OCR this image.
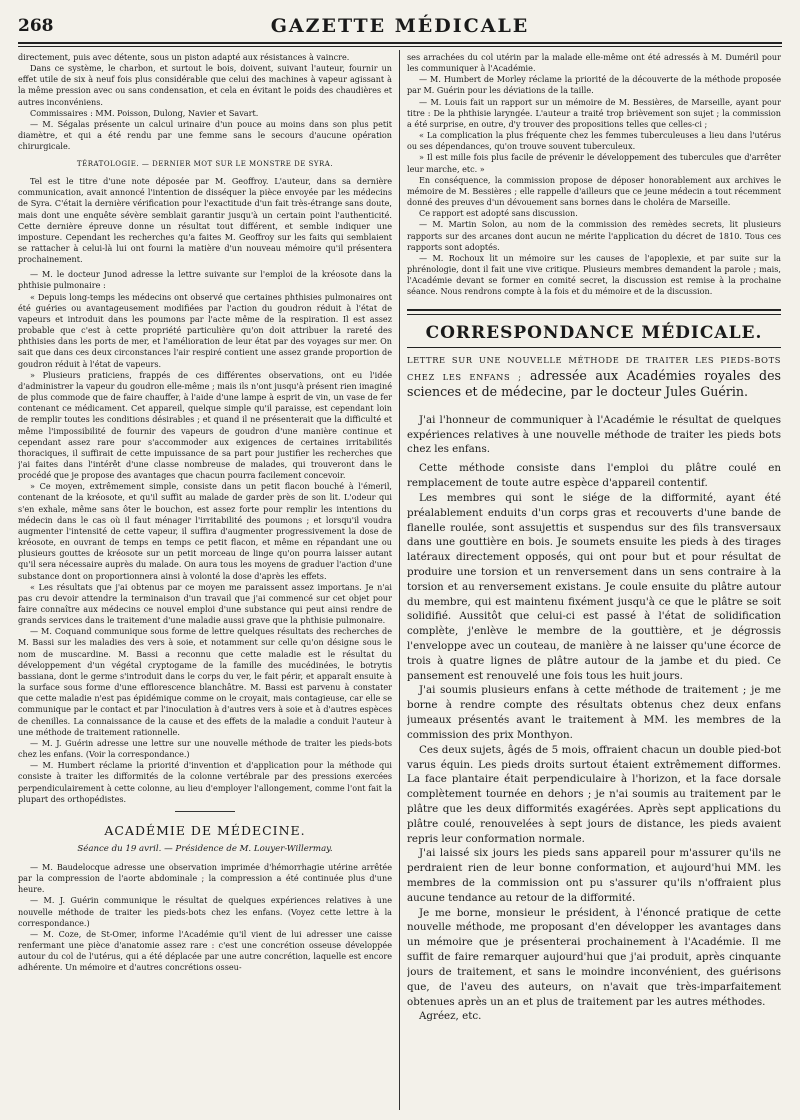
268	GAZETTE MÉDICALE

directement, puis avec détente, sous un piston adapté aux résistances à vaincre.

Dans ce système, le charbon, et surtout le bois, doivent, suivant l'auteur, fournir un effet utile de six à neuf fois plus considérable que celui des machines à vapeur agissant à la même pression avec ou sans condensation, et cela en évitant le poids des chaudières et autres inconvéniens.

Commissaires : MM. Poisson, Dulong, Navier et Savart.

— M. Ségalas présente un calcul urinaire d'un pouce au moins dans son plus petit diamètre, et qui a été rendu par une femme sans le secours d'aucune opération chirurgicale.

TÉRATOLOGIE. — DERNIER MOT SUR LE MONSTRE DE SYRA.

Tel est le titre d'une note déposée par M. Geoffroy. L'auteur, dans sa dernière communication, avait annoncé l'intention de disséquer la pièce envoyée par les médecins de Syra. C'était la dernière vérification pour l'exactitude d'un fait très-étrange sans doute, mais dont une enquête sévère semblait garantir jusqu'à un certain point l'authenticité. Cette dernière épreuve donne un résultat tout différent, et semble indiquer une imposture. Cependant les recherches qu'a faites M. Geoffroy sur les faits qui semblaient se rattacher à celui-là lui ont fourni la matière d'un nouveau mémoire qu'il présentera prochainement.

— M. le docteur Junod adresse la lettre suivante sur l'emploi de la kréosote dans la phthisie pulmonaire :

« Depuis long-temps les médecins ont observé que certaines phthisies pulmonaires ont été guéries ou avantageusement modifiées par l'action du goudron réduit à l'état de vapeurs et introduit dans les poumons par l'acte même de la respiration. Il est assez probable que c'est à cette propriété particulière qu'on doit attribuer la rareté des phthisies dans les ports de mer, et l'amélioration de leur état par des voyages sur mer. On sait que dans ces deux circonstances l'air respiré contient une assez grande proportion de goudron réduit à l'état de vapeurs.

» Plusieurs praticiens, frappés de ces différentes observations, ont eu l'idée d'administrer la vapeur du goudron elle-même ; mais ils n'ont jusqu'à présent rien imaginé de plus commode que de faire chauffer, à l'aide d'une lampe à esprit de vin, un vase de fer contenant ce médicament. Cet appareil, quelque simple qu'il paraisse, est cependant loin de remplir toutes les conditions désirables ; et quand il ne présenterait que la difficulté et même l'impossibilité de fournir des vapeurs de goudron d'une manière continue et cependant assez rare pour s'accommoder aux exigences de certaines irritabilités thoraciques, il suffirait de cette impuissance de sa part pour justifier les recherches que j'ai faites dans l'intérêt d'une classe nombreuse de malades, qui trouveront dans le procédé que je propose des avantages que chacun pourra facilement concevoir.

» Ce moyen, extrêmement simple, consiste dans un petit flacon bouché à l'émeril, contenant de la kréosote, et qu'il suffit au malade de garder près de son lit. L'odeur qui s'en exhale, même sans ôter le bouchon, est assez forte pour remplir les intentions du médecin dans le cas où il faut ménager l'irritabilité des poumons ; et lorsqu'il voudra augmenter l'intensité de cette vapeur, il suffira d'augmenter progressivement la dose de kréosote, en ouvrant de temps en temps ce petit flacon, et même en répandant une ou plusieurs gouttes de kréosote sur un petit morceau de linge qu'on pourra laisser autant qu'il sera nécessaire auprès du malade. On aura tous les moyens de graduer l'action d'une substance dont on proportionnera ainsi à volonté la dose d'après les effets.

« Les résultats que j'ai obtenus par ce moyen me paraissent assez importans. Je n'ai pas cru devoir attendre la terminaison d'un travail que j'ai commencé sur cet objet pour faire connaître aux médecins ce nouvel emploi d'une substance qui peut ainsi rendre de grands services dans le traitement d'une maladie aussi grave que la phthisie pulmonaire.

— M. Coquand communique sous forme de lettre quelques résultats des recherches de M. Bassi sur les maladies des vers à soie, et notamment sur celle qu'on désigne sous le nom de muscardine. M. Bassi a reconnu que cette maladie est le résultat du développement d'un végétal cryptogame de la famille des mucédinées, le botrytis bassiana, dont le germe s'introduit dans le corps du ver, le fait périr, et apparaît ensuite à la surface sous forme d'une efflorescence blanchâtre. M. Bassi est parvenu à constater que cette maladie n'est pas épidémique comme on le croyait, mais contagieuse, car elle se communique par le contact et par l'inoculation à d'autres vers à soie et à d'autres espèces de chenilles. La connaissance de la cause et des effets de la maladie a conduit l'auteur à une méthode de traitement rationnelle.

— M. J. Guérin adresse une lettre sur une nouvelle méthode de traiter les pieds-bots chez les enfans. (Voir la correspondance.)

— M. Humbert réclame la priorité d'invention et d'application pour la méthode qui consiste à traiter les difformités de la colonne vertébrale par des pressions exercées perpendiculairement à cette colonne, au lieu d'employer l'allongement, comme l'ont fait la plupart des orthopédistes.

ACADÉMIE DE MÉDECINE.

Séance du 19 avril. — Présidence de M. Louyer-Willermay.

— M. Baudelocque adresse une observation imprimée d'hémorrhagie utérine arrêtée par la compression de l'aorte abdominale ; la compression a été continuée plus d'une heure.

— M. J. Guérin communique le résultat de quelques expériences relatives à une nouvelle méthode de traiter les pieds-bots chez les enfans. (Voyez cette lettre à la correspondance.)

— M. Coze, de St-Omer, informe l'Académie qu'il vient de lui adresser une caisse renfermant une pièce d'anatomie assez rare : c'est une concrétion osseuse développée autour du col de l'utérus, qui a été déplacée par une autre concrétion, laquelle est encore adhérente. Un mémoire et d'autres concrétions osseu-

ses arrachées du col utérin par la malade elle-même ont été adressés à M. Duméril pour les communiquer à l'Académie.

— M. Humbert de Morley réclame la priorité de la découverte de la méthode proposée par M. Guérin pour les déviations de la taille.

— M. Louis fait un rapport sur un mémoire de M. Bessières, de Marseille, ayant pour titre : De la phthisie laryngée. L'auteur a traité trop brièvement son sujet ; la commission a été surprise, en outre, d'y trouver des propositions telles que celles-ci ;

« La complication la plus fréquente chez les femmes tuberculeuses a lieu dans l'utérus ou ses dépendances, qu'on trouve souvent tuberculeux.

» Il est mille fois plus facile de prévenir le développement des tubercules que d'arrêter leur marche, etc. »

En conséquence, la commission propose de déposer honorablement aux archives le mémoire de M. Bessières ; elle rappelle d'ailleurs que ce jeune médecin a tout récemment donné des preuves d'un dévouement sans bornes dans le choléra de Marseille.

Ce rapport est adopté sans discussion.

— M. Martin Solon, au nom de la commission des remèdes secrets, lit plusieurs rapports sur des arcanes dont aucun ne mérite l'application du décret de 1810. Tous ces rapports sont adoptés.

— M. Rochoux lit un mémoire sur les causes de l'apoplexie, et par suite sur la phrénologie, dont il fait une vive critique. Plusieurs membres demandent la parole ; mais, l'Académie devant se former en comité secret, la discussion est remise à la prochaine séance. Nous rendrons compte à la fois et du mémoire et de la discussion.

CORRESPONDANCE MÉDICALE.

LETTRE SUR UNE NOUVELLE MÉTHODE DE TRAITER LES PIEDS-BOTS CHEZ LES ENFANS ; adressée aux Académies royales des sciences et de médecine, par le docteur Jules Guérin.

J'ai l'honneur de communiquer à l'Académie le résultat de quelques expériences relatives à une nouvelle méthode de traiter les pieds bots chez les enfans.

Cette méthode consiste dans l'emploi du plâtre coulé en remplacement de toute autre espèce d'appareil contentif.

Les membres qui sont le siége de la difformité, ayant été préalablement enduits d'un corps gras et recouverts d'une bande de flanelle roulée, sont assujettis et suspendus sur des fils transversaux dans une gouttière en bois. Je soumets ensuite les pieds à des tirages latéraux directement opposés, qui ont pour but et pour résultat de produire une torsion et un renversement dans un sens contraire à la torsion et au renversement existans. Je coule ensuite du plâtre autour du membre, qui est maintenu fixément jusqu'à ce que le plâtre se soit solidifié. Aussitôt que celui-ci est passé à l'état de solidification complète, j'enlève le membre de la gouttière, et je dégrossis l'enveloppe avec un couteau, de manière à ne laisser qu'une écorce de trois à quatre lignes de plâtre autour de la jambe et du pied. Ce pansement est renouvelé une fois tous les huit jours.

J'ai soumis plusieurs enfans à cette méthode de traitement ; je me borne à rendre compte des résultats obtenus chez deux enfans jumeaux présentés avant le traitement à MM. les membres de la commission des prix Monthyon.

Ces deux sujets, âgés de 5 mois, offraient chacun un double pied-bot varus équin. Les pieds droits surtout étaient extrêmement difformes. La face plantaire était perpendiculaire à l'horizon, et la face dorsale complètement tournée en dehors ; je n'ai soumis au traitement par le plâtre que les deux difformités exagérées. Après sept applications du plâtre coulé, renouvelées à sept jours de distance, les pieds avaient repris leur conformation normale.

J'ai laissé six jours les pieds sans appareil pour m'assurer qu'ils ne perdraient rien de leur bonne conformation, et aujourd'hui MM. les membres de la commission ont pu s'assurer qu'ils n'offraient plus aucune tendance au retour de la difformité.

Je me borne, monsieur le président, à l'énoncé pratique de cette nouvelle méthode, me proposant d'en développer les avantages dans un mémoire que je présenterai prochainement à l'Académie. Il me suffit de faire remarquer aujourd'hui que j'ai produit, après cinquante jours de traitement, et sans le moindre inconvénient, des guérisons que, de l'aveu des auteurs, on n'avait que très-imparfaitement obtenues après un an et plus de traitement par les autres méthodes.

Agréez, etc.
